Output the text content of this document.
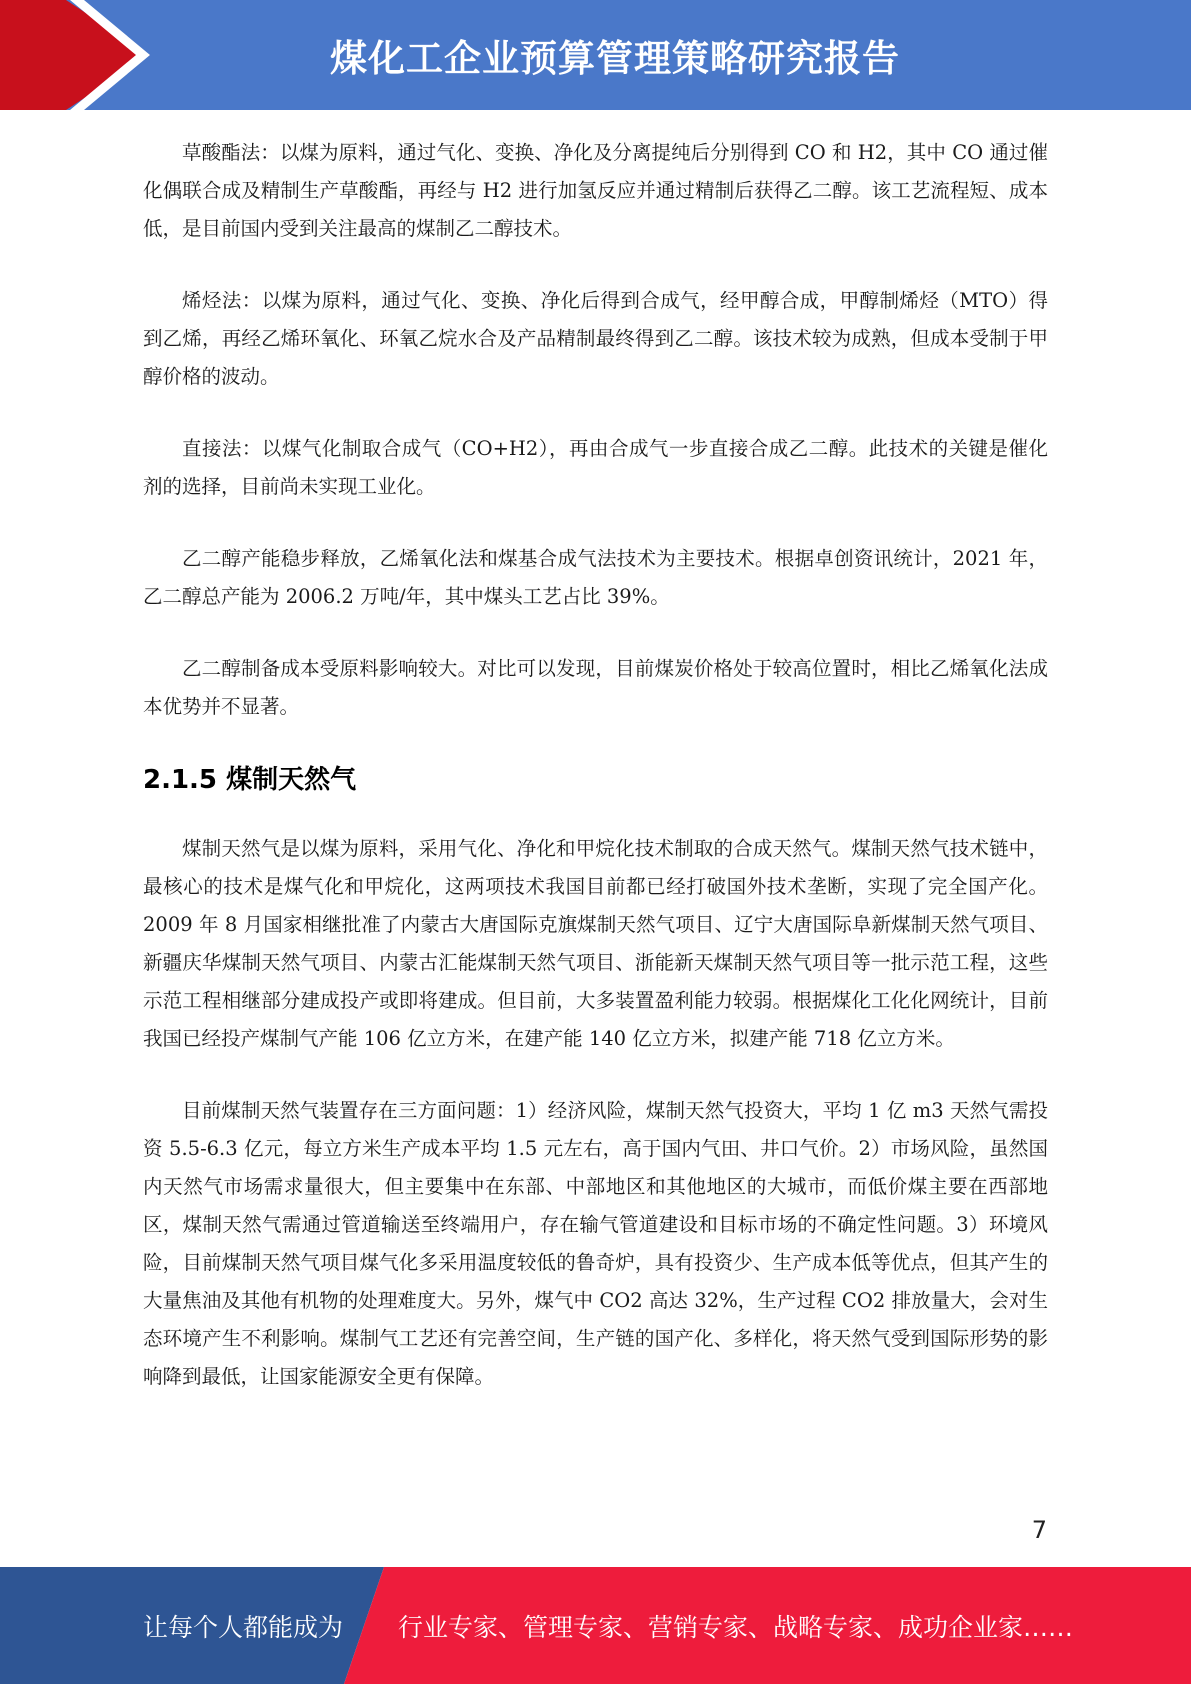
煤化工企业预算管理策略研究报告

草酸酯法：以煤为原料，通过气化、变换、净化及分离提纯后分别得到 CO 和 H2，其中 CO 通过催化偶联合成及精制生产草酸酯，再经与 H2 进行加氢反应并通过精制后获得乙二醇。该工艺流程短、成本低，是目前国内受到关注最高的煤制乙二醇技术。

烯烃法：以煤为原料，通过气化、变换、净化后得到合成气，经甲醇合成，甲醇制烯烃（MTO）得到乙烯，再经乙烯环氧化、环氧乙烷水合及产品精制最终得到乙二醇。该技术较为成熟，但成本受制于甲醇价格的波动。

直接法：以煤气化制取合成气（CO+H2），再由合成气一步直接合成乙二醇。此技术的关键是催化剂的选择，目前尚未实现工业化。

乙二醇产能稳步释放，乙烯氧化法和煤基合成气法技术为主要技术。根据卓创资讯统计，2021 年，乙二醇总产能为 2006.2 万吨/年，其中煤头工艺占比 39%。

乙二醇制备成本受原料影响较大。对比可以发现，目前煤炭价格处于较高位置时，相比乙烯氧化法成本优势并不显著。

2.1.5 煤制天然气

煤制天然气是以煤为原料，采用气化、净化和甲烷化技术制取的合成天然气。煤制天然气技术链中，最核心的技术是煤气化和甲烷化，这两项技术我国目前都已经打破国外技术垄断，实现了完全国产化。2009 年 8 月国家相继批准了内蒙古大唐国际克旗煤制天然气项目、辽宁大唐国际阜新煤制天然气项目、新疆庆华煤制天然气项目、内蒙古汇能煤制天然气项目、浙能新天煤制天然气项目等一批示范工程，这些示范工程相继部分建成投产或即将建成。但目前，大多装置盈利能力较弱。根据煤化工化化网统计，目前我国已经投产煤制气产能 106 亿立方米，在建产能 140 亿立方米，拟建产能 718 亿立方米。

目前煤制天然气装置存在三方面问题：1）经济风险，煤制天然气投资大，平均 1 亿 m3 天然气需投资 5.5-6.3 亿元，每立方米生产成本平均 1.5 元左右，高于国内气田、井口气价。2）市场风险，虽然国内天然气市场需求量很大，但主要集中在东部、中部地区和其他地区的大城市，而低价煤主要在西部地区，煤制天然气需通过管道输送至终端用户，存在输气管道建设和目标市场的不确定性问题。3）环境风险，目前煤制天然气项目煤气化多采用温度较低的鲁奇炉，具有投资少、生产成本低等优点，但其产生的大量焦油及其他有机物的处理难度大。另外，煤气中 CO2 高达 32%，生产过程 CO2 排放量大，会对生态环境产生不利影响。煤制气工艺还有完善空间，生产链的国产化、多样化，将天然气受到国际形势的影响降到最低，让国家能源安全更有保障。

7
让每个人都能成为 行业专家、管理专家、营销专家、战略专家、成功企业家……
